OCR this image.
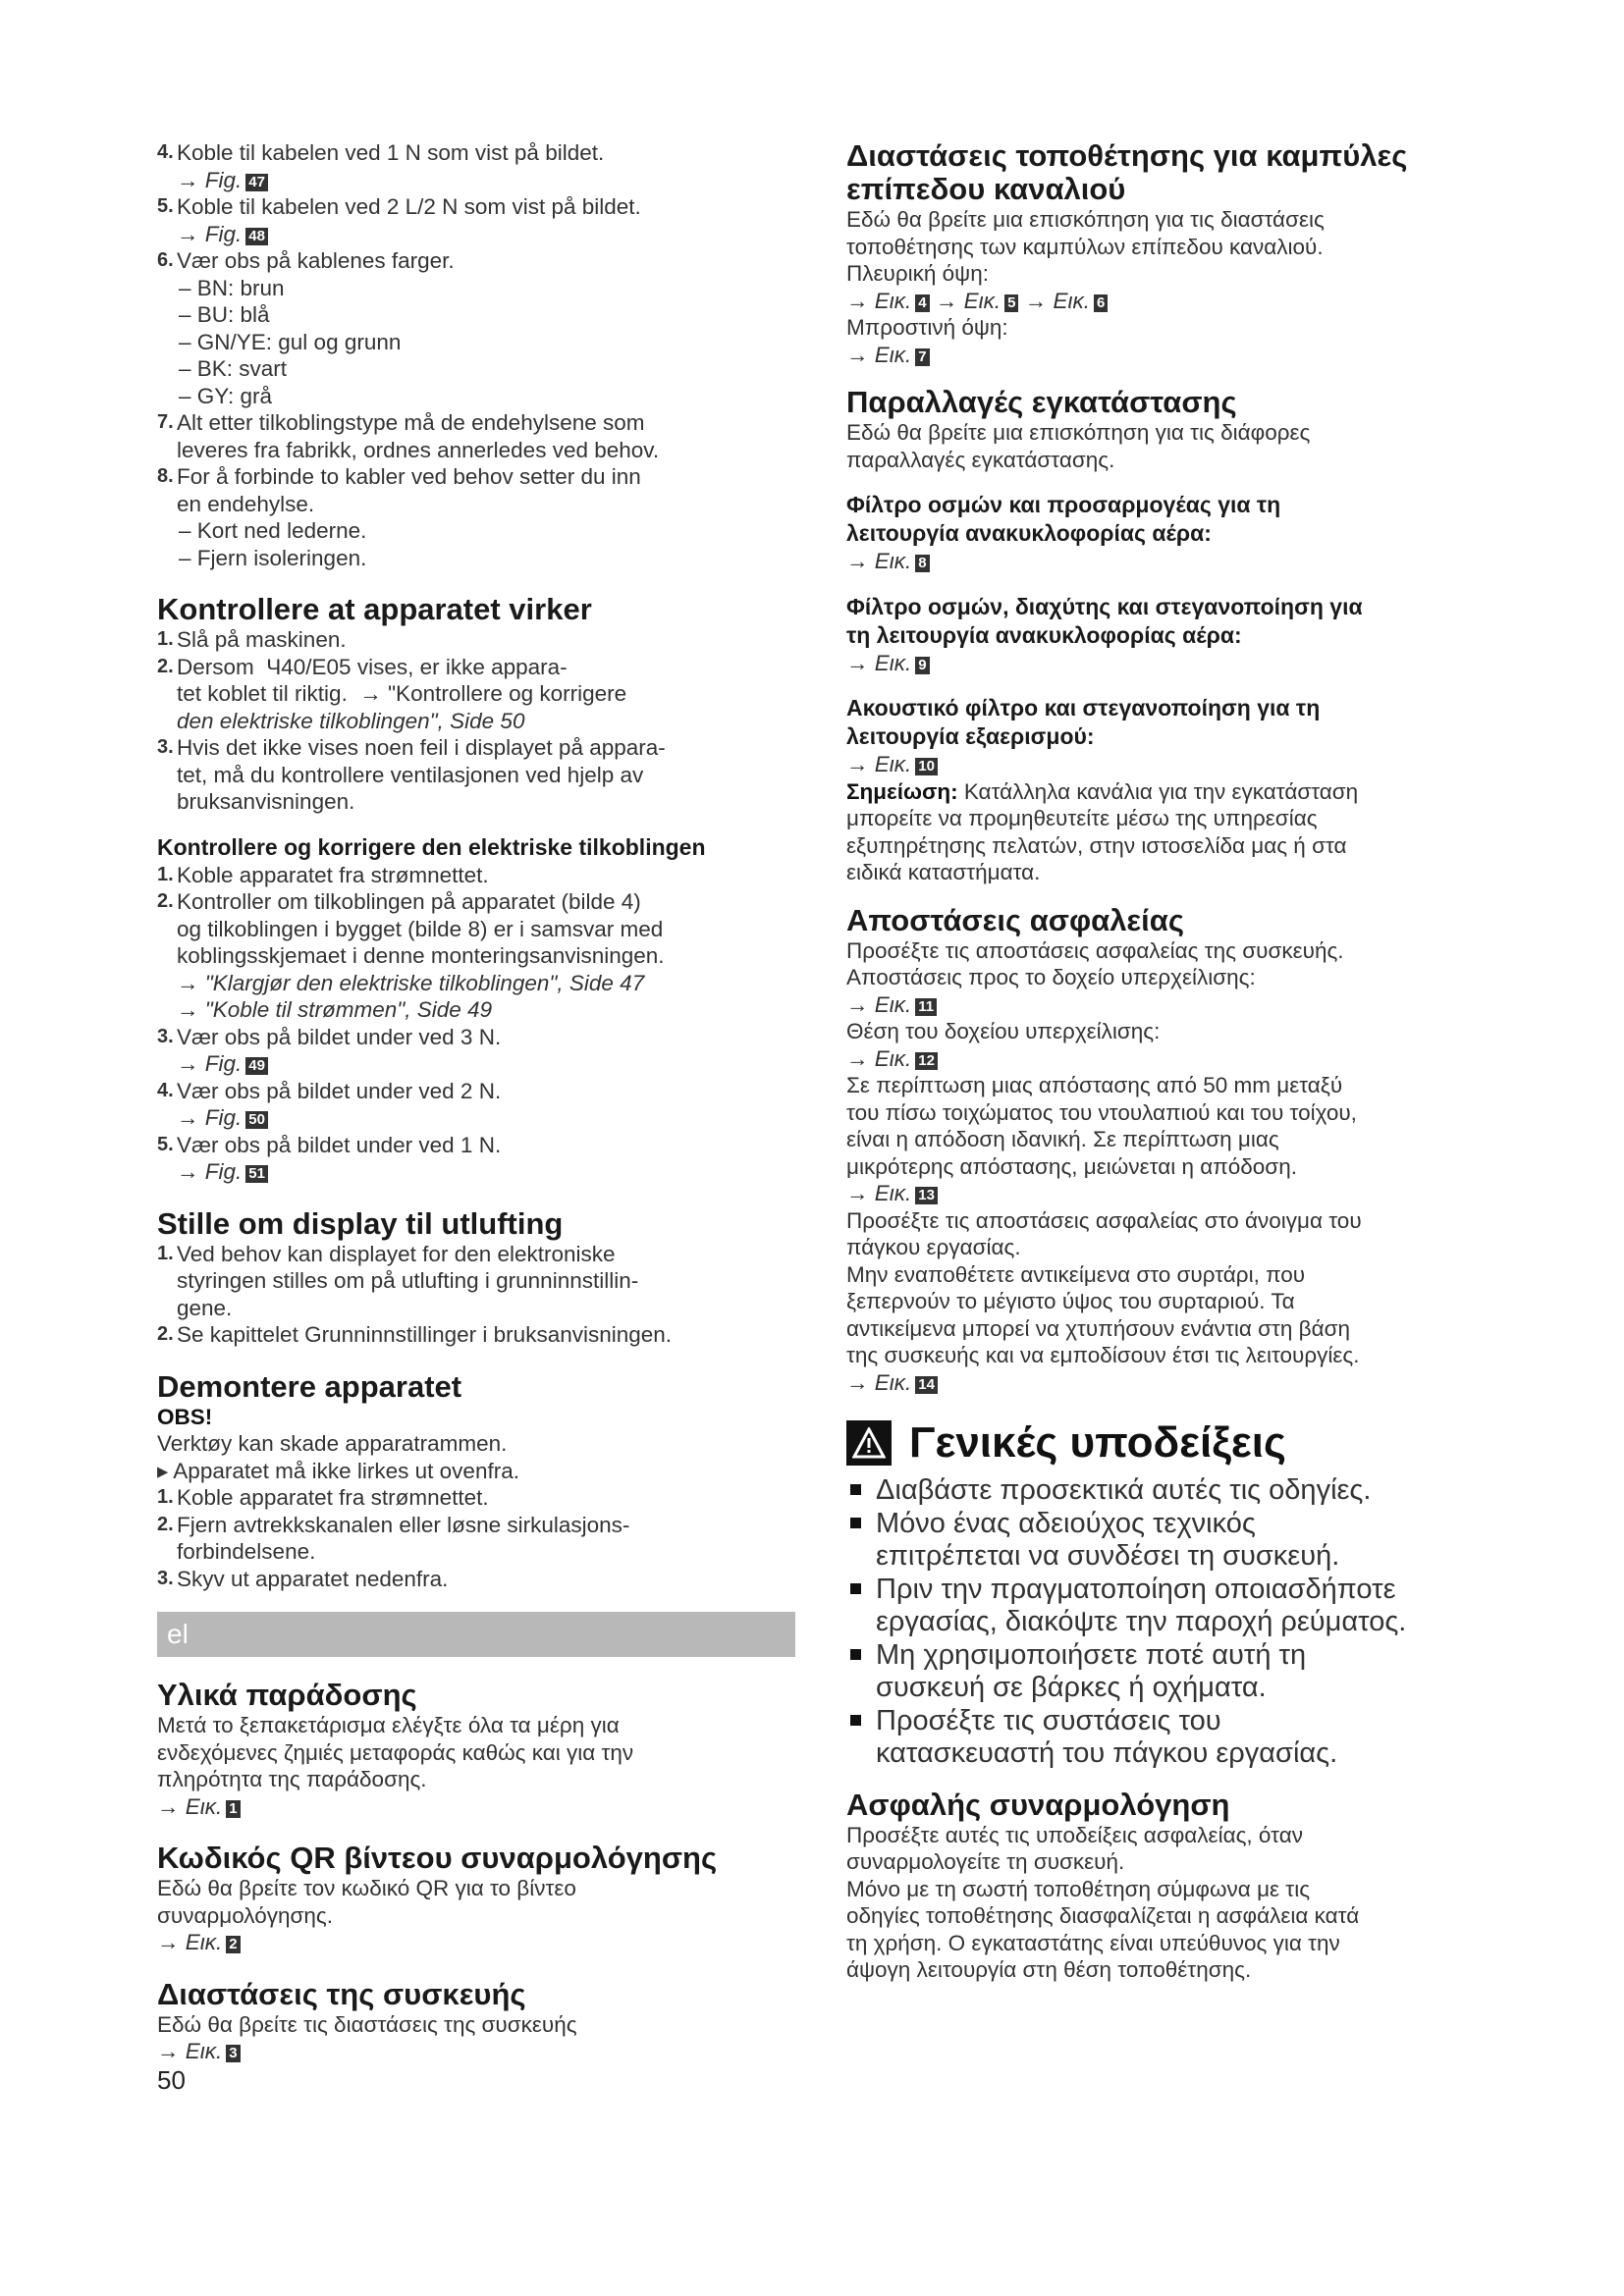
4. Koble til kabelen ved 1 N som vist på bildet.
→ Fig. 47
5. Koble til kabelen ved 2 L/2 N som vist på bildet.
→ Fig. 48
6. Vær obs på kablenes farger.
– BN: brun
– BU: blå
– GN/YE: gul og grunn
– BK: svart
– GY: grå
7. Alt etter tilkoblingstype må de endehylsene som
leveres fra fabrikk, ordnes annerledes ved behov.
8. For å forbinde to kabler ved behov setter du inn
en endehylse.
– Kort ned lederne.
– Fjern isoleringen.
Kontrollere at apparatet virker
1. Slå på maskinen.
2. Dersom  Ч40/E05 vises, er ikke appara-
tet koblet til riktig.  → "Kontrollere og korrigere
den elektriske tilkoblingen", Side 50
3. Hvis det ikke vises noen feil i displayet på appara-
tet, må du kontrollere ventilasjonen ved hjelp av
bruksanvisningen.
Kontrollere og korrigere den elektriske tilkoblingen
1. Koble apparatet fra strømnettet.
2. Kontroller om tilkoblingen på apparatet (bilde 4)
og tilkoblingen i bygget (bilde 8) er i samsvar med
koblingsskjemaet i denne monteringsanvisningen.
→ "Klargjør den elektriske tilkoblingen", Side 47
→ "Koble til strømmen", Side 49
3. Vær obs på bildet under ved 3 N.
→ Fig. 49
4. Vær obs på bildet under ved 2 N.
→ Fig. 50
5. Vær obs på bildet under ved 1 N.
→ Fig. 51
Stille om display til utlufting
1. Ved behov kan displayet for den elektroniske
styringen stilles om på utlufting i grunninnstillin-
gene.
2. Se kapittelet Grunninnstillinger i bruksanvisningen.
Demontere apparatet
OBS!
Verktøy kan skade apparatrammen.
▸ Apparatet må ikke lirkes ut ovenfra.
1. Koble apparatet fra strømnettet.
2. Fjern avtrekkskanalen eller løsne sirkulasjons-
forbindelsene.
3. Skyv ut apparatet nedenfra.
el
Υλικά παράδοσης
Μετά το ξεπακετάρισμα ελέγξτε όλα τα μέρη για
ενδεχόμενες ζημιές μεταφοράς καθώς και για την
πληρότητα της παράδοσης.
→ Εικ. 1
Κωδικός QR βίντεου συναρμολόγησης
Εδώ θα βρείτε τον κωδικό QR για το βίντεο
συναρμολόγησης.
→ Εικ. 2
Διαστάσεις της συσκευής
Εδώ θα βρείτε τις διαστάσεις της συσκευής
→ Εικ. 3
50
Διαστάσεις τοποθέτησης για καμπύλες
επίπεδου καναλιού
Εδώ θα βρείτε μια επισκόπηση για τις διαστάσεις
τοποθέτησης των καμπύλων επίπεδου καναλιού.
Πλευρική όψη:
→ Εικ. 4 → Εικ. 5 → Εικ. 6
Μπροστινή όψη:
→ Εικ. 7
Παραλλαγές εγκατάστασης
Εδώ θα βρείτε μια επισκόπηση για τις διάφορες
παραλλαγές εγκατάστασης.
Φίλτρο οσμών και προσαρμογέας για τη
λειτουργία ανακυκλοφορίας αέρα:
→ Εικ. 8
Φίλτρο οσμών, διαχύτης και στεγανοποίηση για
τη λειτουργία ανακυκλοφορίας αέρα:
→ Εικ. 9
Ακουστικό φίλτρο και στεγανοποίηση για τη
λειτουργία εξαερισμού:
→ Εικ. 10
Σημείωση: Κατάλληλα κανάλια για την εγκατάσταση
μπορείτε να προμηθευτείτε μέσω της υπηρεσίας
εξυπηρέτησης πελατών, στην ιστοσελίδα μας ή στα
ειδικά καταστήματα.
Αποστάσεις ασφαλείας
Προσέξτε τις αποστάσεις ασφαλείας της συσκευής.
Αποστάσεις προς το δοχείο υπερχείλισης:
→ Εικ. 11
Θέση του δοχείου υπερχείλισης:
→ Εικ. 12
Σε περίπτωση μιας απόστασης από 50 mm μεταξύ
του πίσω τοιχώματος του ντουλαπιού και του τοίχου,
είναι η απόδοση ιδανική. Σε περίπτωση μιας
μικρότερης απόστασης, μειώνεται η απόδοση.
→ Εικ. 13
Προσέξτε τις αποστάσεις ασφαλείας στο άνοιγμα του
πάγκου εργασίας.
Μην εναποθέτετε αντικείμενα στο συρτάρι, που
ξεπερνούν το μέγιστο ύψος του συρταριού. Τα
αντικείμενα μπορεί να χτυπήσουν ενάντια στη βάση
της συσκευής και να εμποδίσουν έτσι τις λειτουργίες.
→ Εικ. 14
Γενικές υποδείξεις
Διαβάστε προσεκτικά αυτές τις οδηγίες.
Μόνο ένας αδειούχος τεχνικός
επιτρέπεται να συνδέσει τη συσκευή.
Πριν την πραγματοποίηση οποιασδήποτε
εργασίας, διακόψτε την παροχή ρεύματος.
Μη χρησιμοποιήσετε ποτέ αυτή τη
συσκευή σε βάρκες ή οχήματα.
Προσέξτε τις συστάσεις του
κατασκευαστή του πάγκου εργασίας.
Ασφαλής συναρμολόγηση
Προσέξτε αυτές τις υποδείξεις ασφαλείας, όταν
συναρμολογείτε τη συσκευή.
Μόνο με τη σωστή τοποθέτηση σύμφωνα με τις
οδηγίες τοποθέτησης διασφαλίζεται η ασφάλεια κατά
τη χρήση. Ο εγκαταστάτης είναι υπεύθυνος για την
άψογη λειτουργία στη θέση τοποθέτησης.
